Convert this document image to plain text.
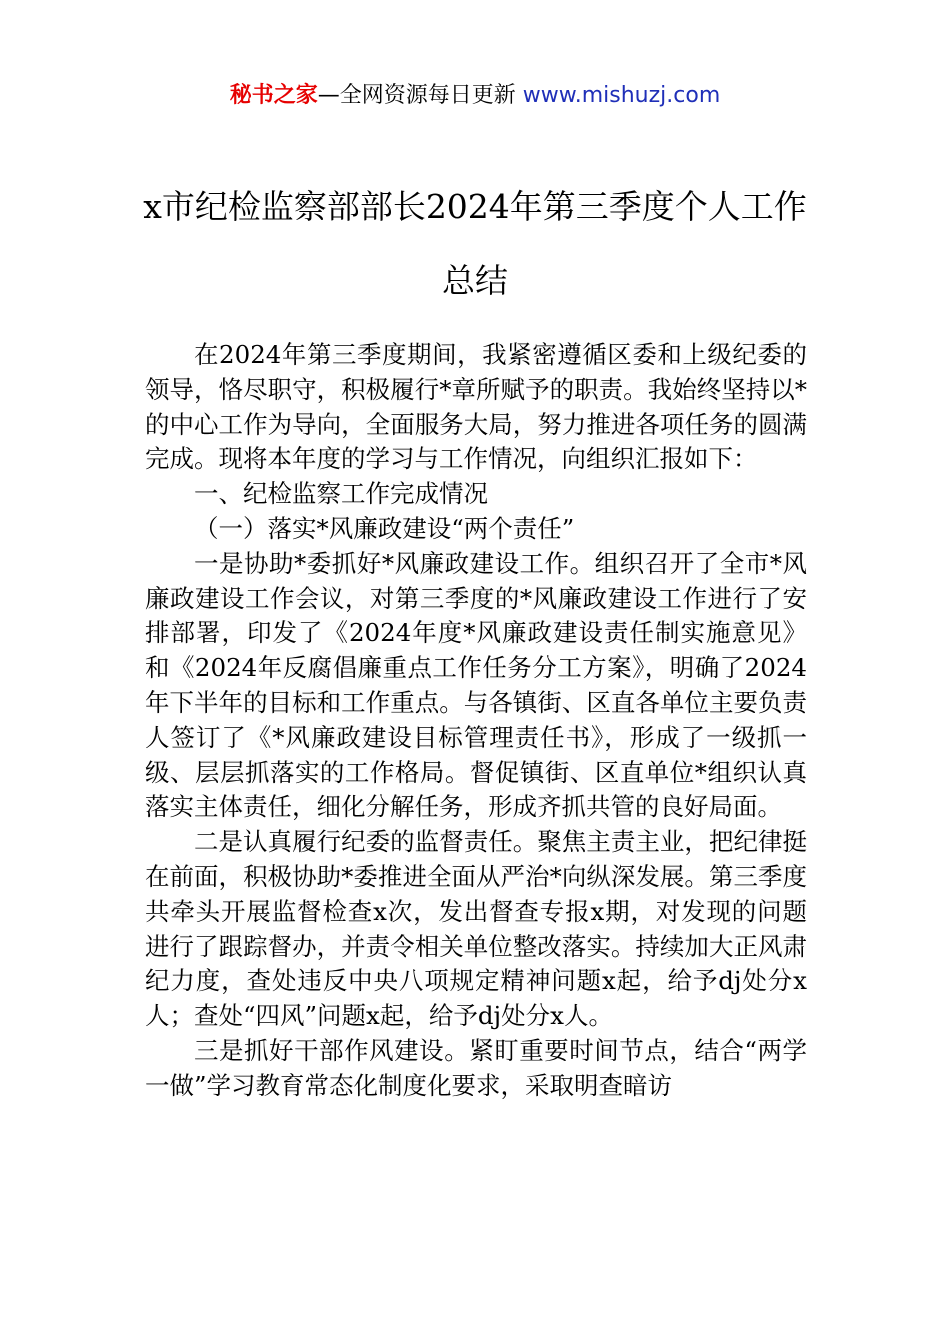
秘书之家—全网资源每日更新 www.mishuzj.com
x市纪检监察部部长2024年第三季度个人工作总结

在2024年第三季度期间，我紧密遵循区委和上级纪委的领导，恪尽职守，积极履行*章所赋予的职责。我始终坚持以*的中心工作为导向，全面服务大局，努力推进各项任务的圆满完成。现将本年度的学习与工作情况，向组织汇报如下：

一、纪检监察工作完成情况

（一）落实*风廉政建设“两个责任”

一是协助*委抓好*风廉政建设工作。组织召开了全市*风廉政建设工作会议，对第三季度的*风廉政建设工作进行了安排部署，印发了《2024年度*风廉政建设责任制实施意见》和《2024年反腐倡廉重点工作任务分工方案》，明确了2024年下半年的目标和工作重点。与各镇街、区直各单位主要负责人签订了《*风廉政建设目标管理责任书》，形成了一级抓一级、层层抓落实的工作格局。督促镇街、区直单位*组织认真落实主体责任，细化分解任务，形成齐抓共管的良好局面。

二是认真履行纪委的监督责任。聚焦主责主业，把纪律挺在前面，积极协助*委推进全面从严治*向纵深发展。第三季度共牵头开展监督检查x次，发出督查专报x期，对发现的问题进行了跟踪督办，并责令相关单位整改落实。持续加大正风肃纪力度，查处违反中央八项规定精神问题x起，给予dj处分x人；查处“四风”问题x起，给予dj处分x人。

三是抓好干部作风建设。紧盯重要时间节点，结合“两学一做”学习教育常态化制度化要求，采取明查暗访
